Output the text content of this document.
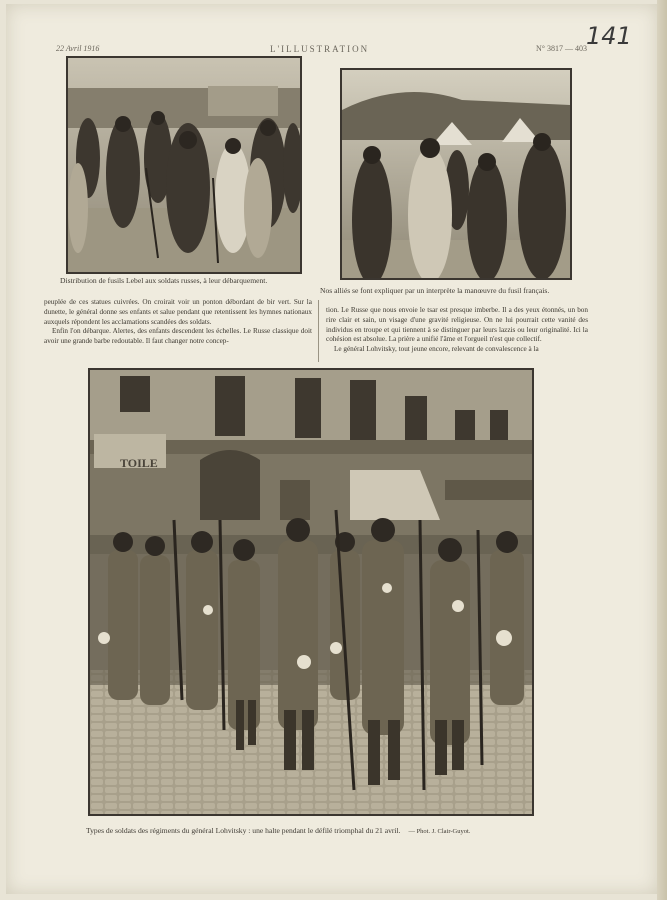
22 Avril 1916	L'ILLUSTRATION	N° 3817 — 403 141
Distribution de fusils Lebel aux soldats russes, à leur débarquement.
Nos alliés se font expliquer par un interprète la manœuvre du fusil français.

peuplée de ces statues cuivrées. On croirait voir un ponton débordant de bir vert. Sur la dunette, le général donne ses enfants et salue pendant que retentissent les hymnes nationaux auxquels répondent les acclamations scandées des soldats.

Enfin l'on débarque. Alertes, des enfants descendent les échelles. Le Russe classique doit avoir une grande barbe redoutable. Il faut changer notre concep-

tion. Le Russe que nous envoie le tsar est presque imberbe. Il a des yeux étonnés, un bon rire clair et sain, un visage d'une gravité religieuse. On ne lui pourrait cette vanité des individus en troupe et qui tiennent à se distinguer par leurs lazzis ou leur originalité. Ici la cohésion est absolue. La prière a unifié l'âme et l'orgueil n'est que collectif.

Le général Lohvitsky, tout jeune encore, relevant de convalescence à la

TOILE
Types de soldats des régiments du général Lohvitsky : une halte pendant le défilé triomphal du 21 avril. — Phot. J. Clair-Guyot.
